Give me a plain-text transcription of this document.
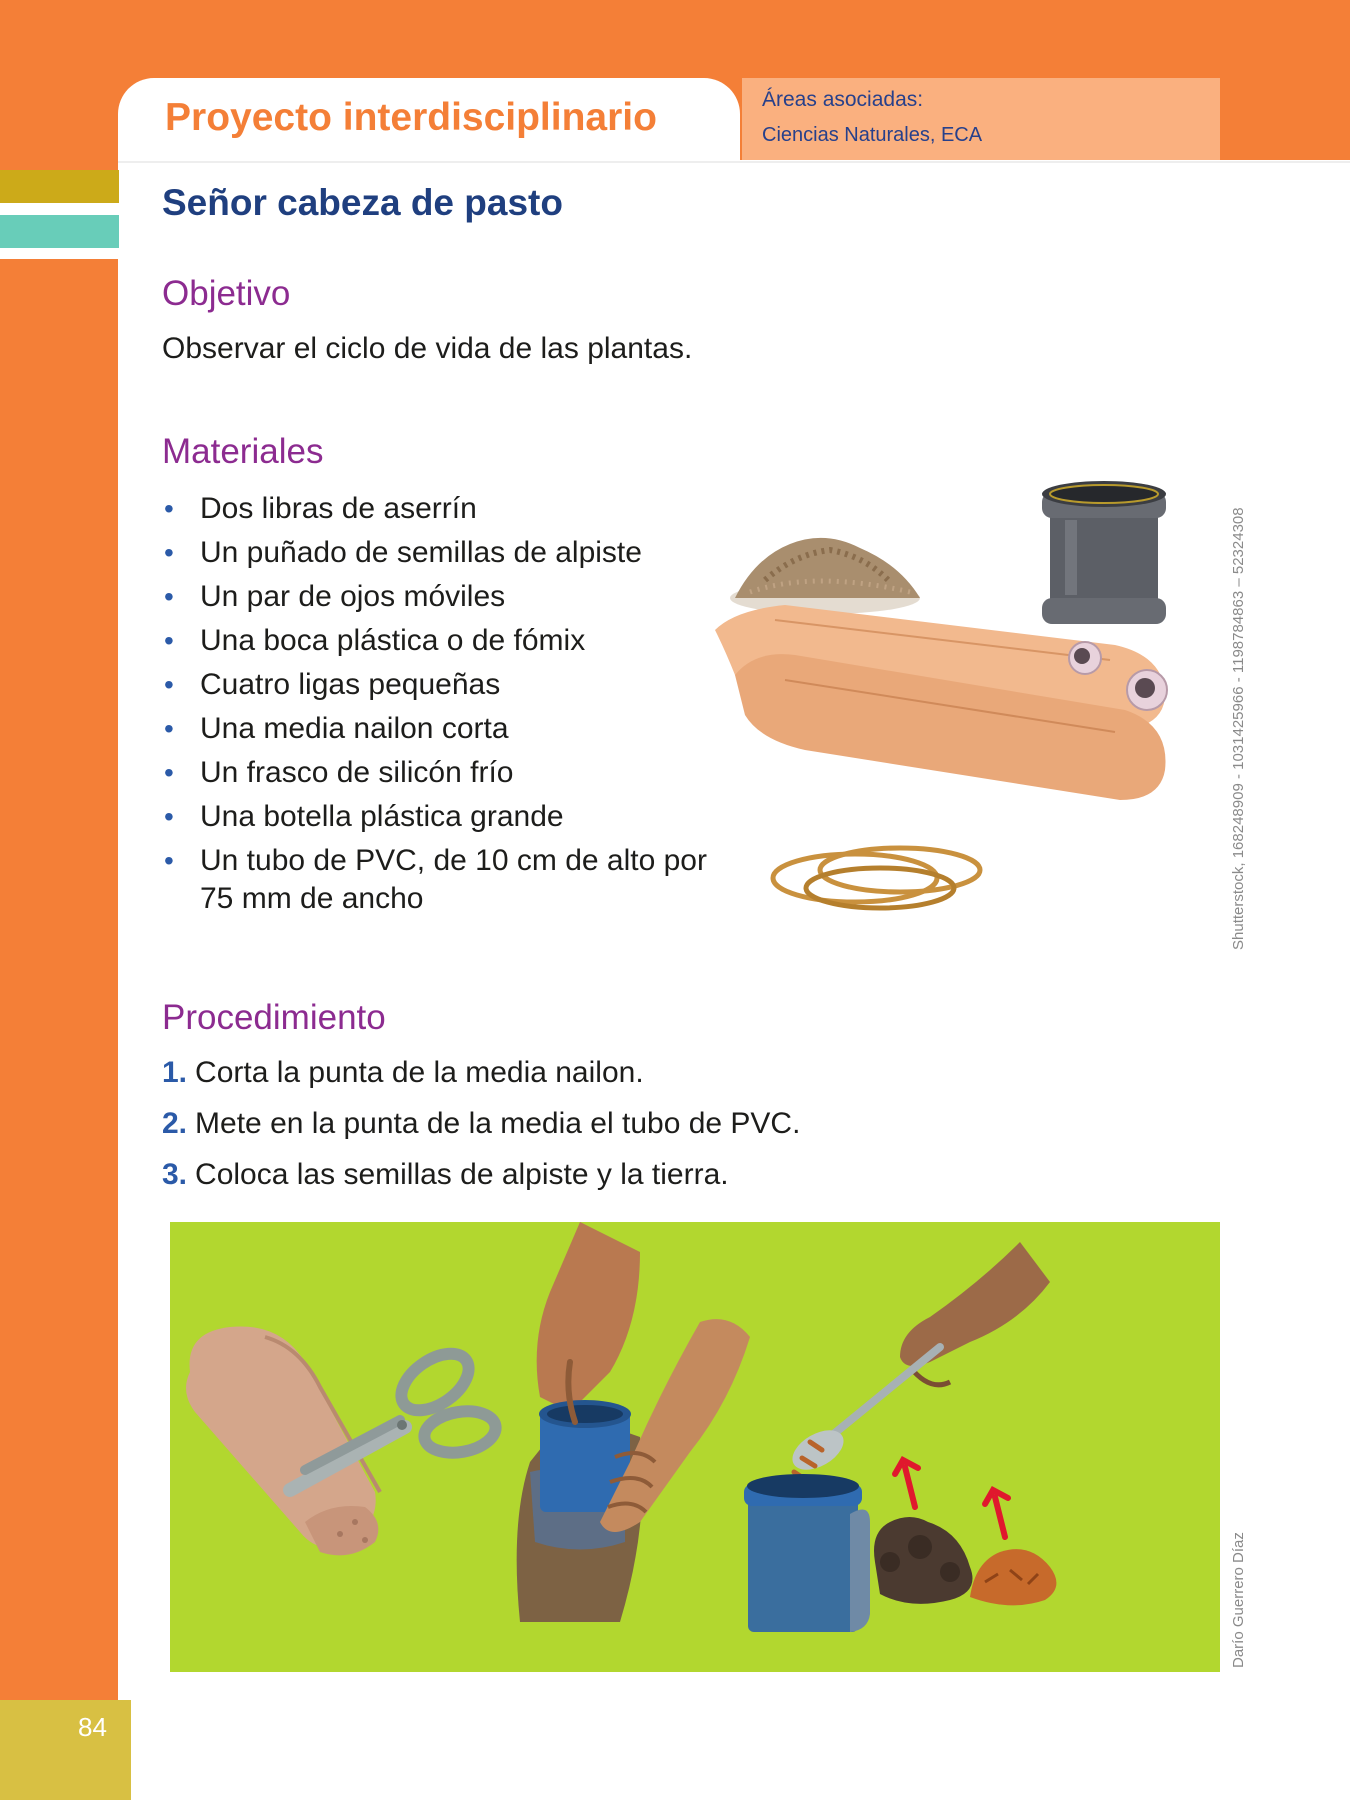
Proyecto interdisciplinario	Áreas asociadas:
Ciencias Naturales, ECA
Señor cabeza de pasto
Objetivo
Observar el ciclo de vida de las plantas.
Materiales
• Dos libras de aserrín
• Un puñado de semillas de alpiste
• Un par de ojos móviles
• Una boca plástica o de fómix
• Cuatro ligas pequeñas
• Una media nailon corta
• Un frasco de silicón frío
• Una botella plástica grande
• Un tubo de PVC, de 10 cm de alto por 75 mm de ancho	Shutterstock, 168248909 - 1031425966 - 1198784863 – 52324308
Procedimiento
1. Corta la punta de la media nailon.
2. Mete en la punta de la media el tubo de PVC.
3. Coloca las semillas de alpiste y la tierra.
Darío Guerrero Díaz
84
